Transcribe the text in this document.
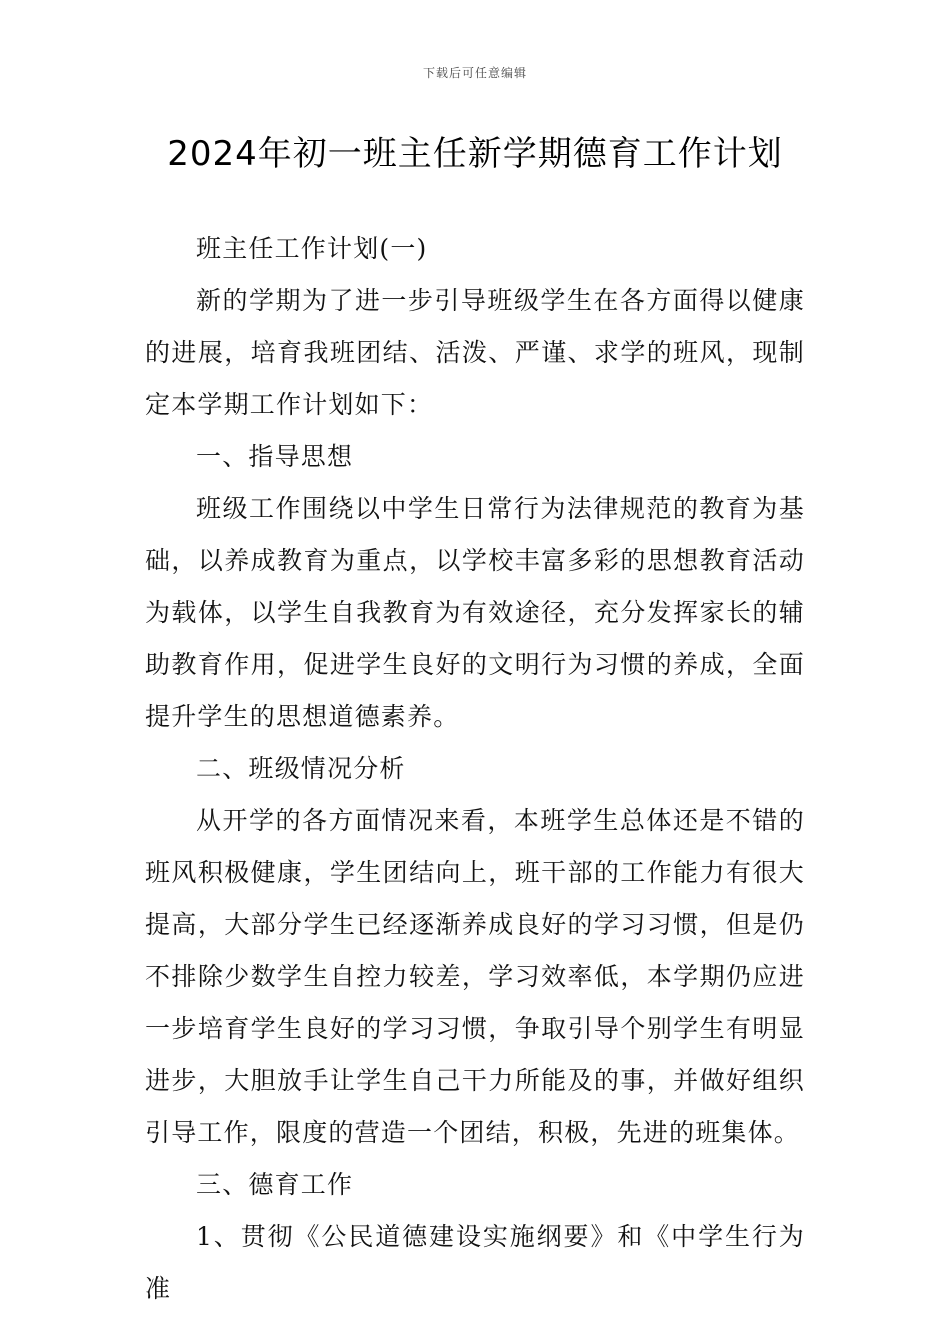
下载后可任意编辑
2024年初一班主任新学期德育工作计划

班主任工作计划(一)

新的学期为了进一步引导班级学生在各方面得以健康的进展，培育我班团结、活泼、严谨、求学的班风，现制定本学期工作计划如下：

一、指导思想

班级工作围绕以中学生日常行为法律规范的教育为基础，以养成教育为重点，以学校丰富多彩的思想教育活动为载体，以学生自我教育为有效途径，充分发挥家长的辅助教育作用，促进学生良好的文明行为习惯的养成，全面提升学生的思想道德素养。

二、班级情况分析

从开学的各方面情况来看，本班学生总体还是不错的班风积极健康，学生团结向上，班干部的工作能力有很大提高，大部分学生已经逐渐养成良好的学习习惯，但是仍不排除少数学生自控力较差，学习效率低，本学期仍应进一步培育学生良好的学习习惯，争取引导个别学生有明显进步，大胆放手让学生自己干力所能及的事，并做好组织引导工作，限度的营造一个团结，积极，先进的班集体。

三、德育工作

1、贯彻《公民道德建设实施纲要》和《中学生行为准
